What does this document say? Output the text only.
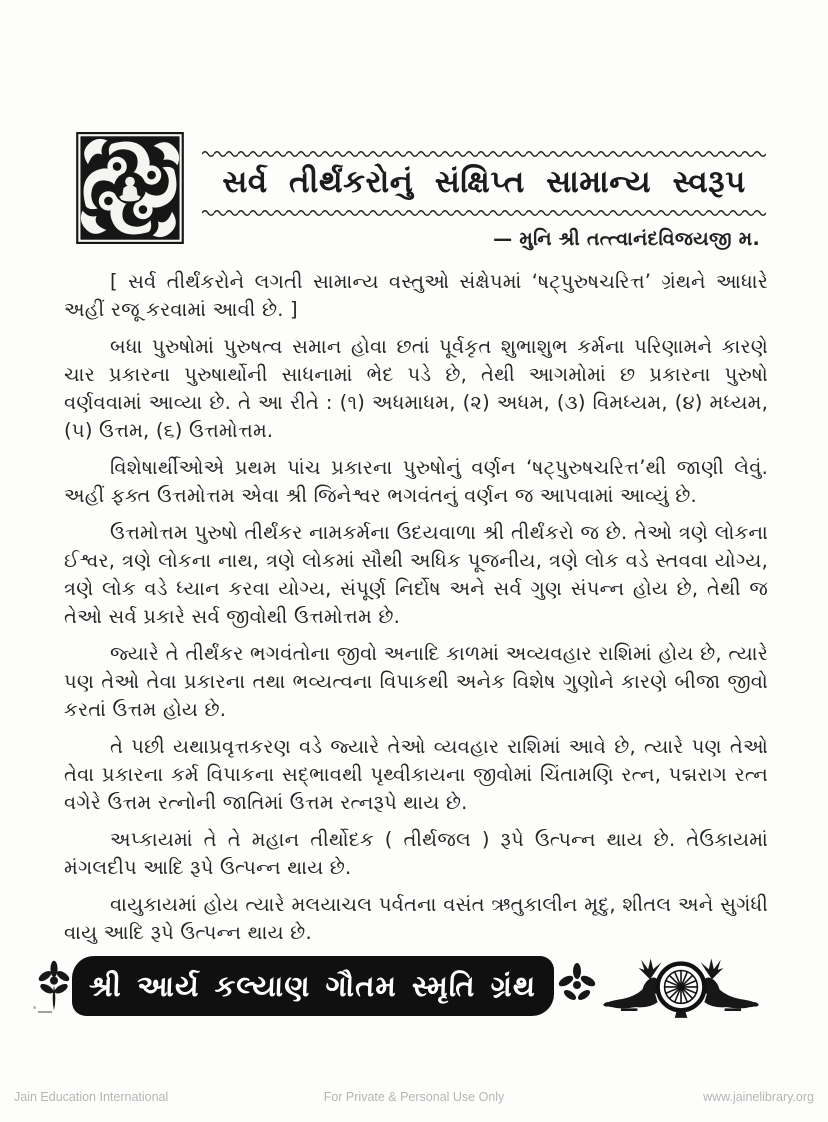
સર્વ તીર્થંકરોનું સંક્ષિપ્ત સામાન્ય સ્વરૂપ
— મુનિ શ્રી તત્ત્વાનંદવિજયજી મ.

[ સર્વ તીર્થંકરોને લગતી સામાન્ય વસ્તુઓ સંક્ષેપમાં ‘ષટ્પુરુષચરિત્ત’ ગ્રંથને આધારે અહીં રજૂ કરવામાં આવી છે. ]

બધા પુરુષોમાં પુરુષત્વ સમાન હોવા છતાં પૂર્વકૃત શુભાશુભ કર્મના પરિણામને કારણે ચાર પ્રકારના પુરુષાર્થોની સાધનામાં ભેદ પડે છે, તેથી આગમોમાં છ પ્રકારના પુરુષો વર્ણવવામાં આવ્યા છે. તે આ રીતે : (૧) અધમાધમ, (૨) અધમ, (૩) વિમધ્યમ, (૪) મધ્યમ, (૫) ઉત્તમ, (૬) ઉત્તમોત્તમ.

વિશેષાર્થીઓએ પ્રથમ પાંચ પ્રકારના પુરુષોનું વર્ણન ‘ષટ્પુરુષચરિત્ત’થી જાણી લેવું. અહીં ફક્ત ઉત્તમોત્તમ એવા શ્રી જિનેશ્વર ભગવંતનું વર્ણન જ આપવામાં આવ્યું છે.

ઉત્તમોત્તમ પુરુષો તીર્થંકર નામકર્મના ઉદયવાળા શ્રી તીર્થંકરો જ છે. તેઓ ત્રણે લોકના ઈશ્વર, ત્રણે લોકના નાથ, ત્રણે લોકમાં સૌથી અધિક પૂજનીય, ત્રણે લોક વડે સ્તવવા યોગ્ય, ત્રણે લોક વડે ધ્યાન કરવા યોગ્ય, સંપૂર્ણ નિર્દોષ અને સર્વ ગુણ સંપન્ન હોય છે, તેથી જ તેઓ સર્વ પ્રકારે સર્વ જીવોથી ઉત્તમોત્તમ છે.

જ્યારે તે તીર્થંકર ભગવંતોના જીવો અનાદિ કાળમાં અવ્યવહાર રાશિમાં હોય છે, ત્યારે પણ તેઓ તેવા પ્રકારના તથા ભવ્યત્વના વિપાકથી અનેક વિશેષ ગુણોને કારણે બીજા જીવો કરતાં ઉત્તમ હોય છે.

તે પછી યથાપ્રવૃત્તકરણ વડે જ્યારે તેઓ વ્યવહાર રાશિમાં આવે છે, ત્યારે પણ તેઓ તેવા પ્રકારના કર્મ વિપાકના સદ્ભાવથી પૃથ્વીકાયના જીવોમાં ચિંતામણિ રત્ન, પદ્મરાગ રત્ન વગેરે ઉત્તમ રત્નોની જાતિમાં ઉત્તમ રત્નરૂપે થાય છે.

અપ્કાયમાં તે તે મહાન તીર્થોદક ( તીર્થજલ ) રૂપે ઉત્પન્ન થાય છે. તેઉકાયમાં મંગલદીપ આદિ રૂપે ઉત્પન્ન થાય છે.

વાયુકાયમાં હોય ત્યારે મલયાચલ પર્વતના વસંત ઋતુકાલીન મૃદુ, શીતલ અને સુગંધી વાયુ આદિ રૂપે ઉત્પન્ન થાય છે.

શ્રી આર્ય કલ્યાણ ગૌતમ સ્મૃતિ ગ્રંથ
For Private & Personal Use Only
Jain Education International	www.jainelibrary.org
